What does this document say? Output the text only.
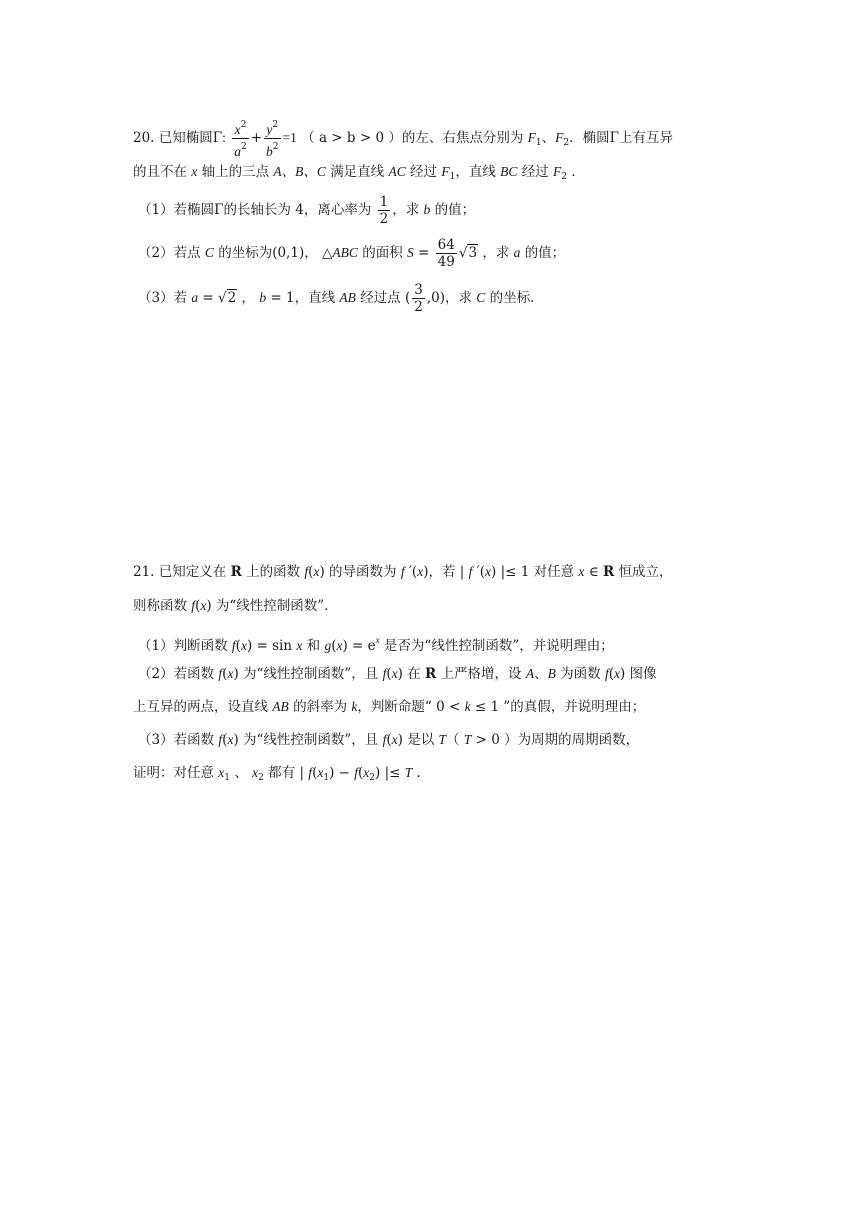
20. 已知椭圆Γ: $\frac{x^2}{a^2} + \frac{y^2}{b^2} =1$ （ a > b > 0 ）的左、右焦点分别为 $F_1$、$F_2$．椭圆Γ上有互异
的且不在 x 轴上的三点 A、B、C 满足直线 AC 经过 $F_1$，直线 BC 经过 $F_2$ .
（1）若椭圆Γ的长轴长为 4，离心率为 $\frac{1}{2}$ ，求 b 的值；
（2）若点 C 的坐标为(0,1)， △ABC 的面积 $S = \frac{64}{49} √3$ ，求 a 的值；
（3）若 a = √2 ， b = 1，直线 AB 经过点 ( $\frac{3}{2} ,0$)，求 C 的坐标.
21. 已知定义在 R 上的函数 f(x) 的导函数为 f ′(x)，若 | f ′(x) |≤ 1 对任意 x ∈ R 恒成立，
则称函数 f(x) 为“线性控制函数”．
（1）判断函数 f(x) = sin x 和 $g(x) = e^x$ 是否为“线性控制函数”，并说明理由；
（2）若函数 f(x) 为“线性控制函数”，且 f(x) 在 R 上严格增，设 A、B 为函数 f(x) 图像
上互异的两点，设直线 AB 的斜率为 k，判断命题“ 0 < k ≤ 1 ”的真假，并说明理由；
（3）若函数 f(x) 为“线性控制函数”，且 f(x) 是以 T（ T > 0 ）为周期的周期函数，
证明：对任意 $x_1$ 、 $x_2$ 都有 | $f(x_1) - f(x_2)$ |≤ T .
